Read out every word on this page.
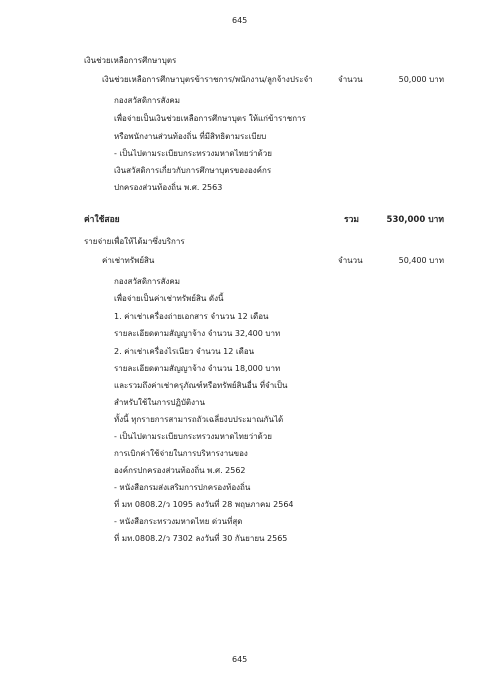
645
เงินช่วยเหลือการศึกษาบุตร
เงินช่วยเหลือการศึกษาบุตรข้าราชการ/พนักงาน/ลูกจ้างประจำ	จำนวน	50,000 บาท
กองสวัสดิการสังคม
เพื่อจ่ายเป็นเงินช่วยเหลือการศึกษาบุตร ให้แก่ข้าราชการ
หรือพนักงานส่วนท้องถิ่น ที่มีสิทธิตามระเบียบ
- เป็นไปตามระเบียบกระทรวงมหาดไทยว่าด้วย
เงินสวัสดิการเกี่ยวกับการศึกษาบุตรขององค์กร
ปกครองส่วนท้องถิ่น พ.ศ. 2563
ค่าใช้สอย	รวม	530,000 บาท
รายจ่ายเพื่อให้ได้มาซึ่งบริการ
ค่าเช่าทรัพย์สิน	จำนวน	50,400 บาท
กองสวัสดิการสังคม
เพื่อจ่ายเป็นค่าเช่าทรัพย์สิน ดังนี้
1. ค่าเช่าเครื่องถ่ายเอกสาร จำนวน 12 เดือน
รายละเอียดตามสัญญาจ้าง จำนวน 32,400 บาท
2. ค่าเช่าเครื่องไรเนียว จำนวน 12 เดือน
รายละเอียดตามสัญญาจ้าง จำนวน 18,000 บาท
และรวมถึงค่าเช่าครุภัณฑ์หรือทรัพย์สินอื่น ที่จำเป็น
สำหรับใช้ในการปฏิบัติงาน
ทั้งนี้ ทุกรายการสามารถถัวเฉลี่ยงบประมาณกันได้
- เป็นไปตามระเบียบกระทรวงมหาดไทยว่าด้วย
การเบิกค่าใช้จ่ายในการบริหารงานของ
องค์กรปกครองส่วนท้องถิ่น พ.ศ. 2562
- หนังสือกรมส่งเสริมการปกครองท้องถิ่น
ที่ มท 0808.2/ว 1095 ลงวันที่ 28 พฤษภาคม 2564
- หนังสือกระทรวงมหาดไทย ด่วนที่สุด
ที่ มท.0808.2/ว 7302 ลงวันที่ 30 กันยายน 2565
645
